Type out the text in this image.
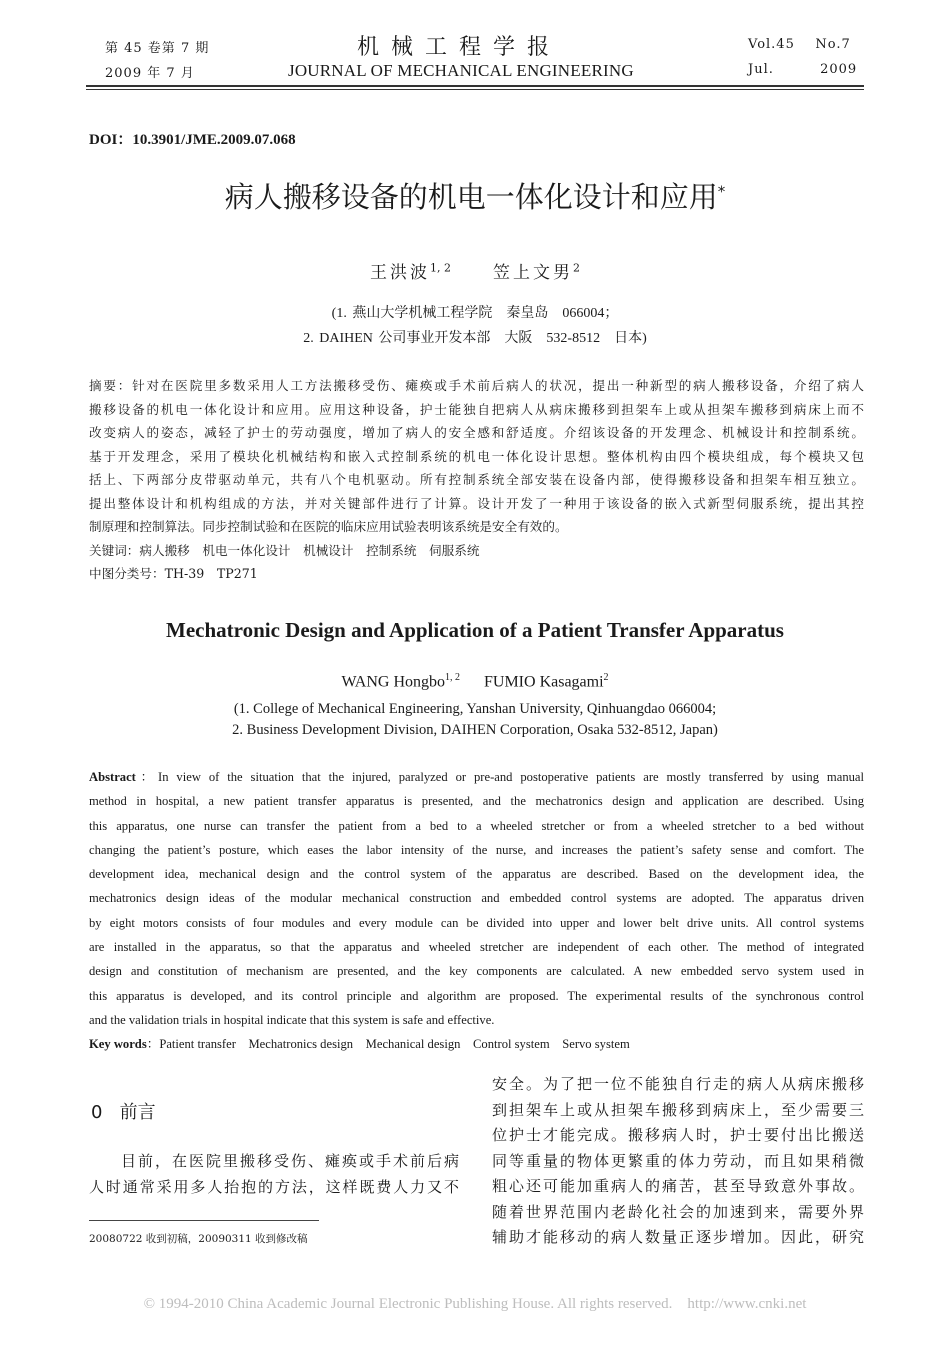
第 45 卷第 7 期
2009 年 7 月
机械工程学报
JOURNAL OF MECHANICAL ENGINEERING
Vol.45    No.7
Jul.         2009
DOI：10.3901/JME.2009.07.068
病人搬移设备的机电一体化设计和应用*
王洪波$^{1, 2}$ 笠上文男$^2$
(1. 燕山大学机械工程学院　秦皇岛　066004；
2. DAIHEN 公司事业开发本部　大阪　532-8512　日本)
摘要：针对在医院里多数采用人工方法搬移受伤、瘫痪或手术前后病人的状况，提出一种新型的病人搬移设备，介绍了病人
搬移设备的机电一体化设计和应用。应用这种设备，护士能独自把病人从病床搬移到担架车上或从担架车搬移到病床上而不
改变病人的姿态，减轻了护士的劳动强度，增加了病人的安全感和舒适度。介绍该设备的开发理念、机械设计和控制系统。
基于开发理念，采用了模块化机械结构和嵌入式控制系统的机电一体化设计思想。整体机构由四个模块组成，每个模块又包
括上、下两部分皮带驱动单元，共有八个电机驱动。所有控制系统全部安装在设备内部，使得搬移设备和担架车相互独立。
提出整体设计和机构组成的方法，并对关键部件进行了计算。设计开发了一种用于该设备的嵌入式新型伺服系统，提出其控
制原理和控制算法。同步控制试验和在医院的临床应用试验表明该系统是安全有效的。
关键词：病人搬移　机电一体化设计　机械设计　控制系统　伺服系统
中图分类号：TH-39　TP271
Mechatronic Design and Application of a Patient Transfer Apparatus
WANG Hongbo$^{1, 2}$ FUMIO Kasagami$^2$
(1. College of Mechanical Engineering, Yanshan University, Qinhuangdao 066004;
2. Business Development Division, DAIHEN Corporation, Osaka 532-8512, Japan)
Abstract：In view of the situation that the injured, paralyzed or pre-and postoperative patients are mostly transferred by using manual
method in hospital, a new patient transfer apparatus is presented, and the mechatronics design and application are described. Using
this apparatus, one nurse can transfer the patient from a bed to a wheeled stretcher or from a wheeled stretcher to a bed without
changing the patient’s posture, which eases the labor intensity of the nurse, and increases the patient’s safety sense and comfort. The
development idea, mechanical design and the control system of the apparatus are described. Based on the development idea, the
mechatronics design ideas of the modular mechanical construction and embedded control systems are adopted. The apparatus driven
by eight motors consists of four modules and every module can be divided into upper and lower belt drive units. All control systems
are installed in the apparatus, so that the apparatus and wheeled stretcher are independent of each other. The method of integrated
design and constitution of mechanism are presented, and the key components are calculated. A new embedded servo system used in
this apparatus is developed, and its control principle and algorithm are proposed. The experimental results of the synchronous control
and the validation trials in hospital indicate that this system is safe and effective.
Key words：Patient transfer    Mechatronics design    Mechanical design    Control system    Servo system
0 前言
目前，在医院里搬移受伤、瘫痪或手术前后病
人时通常采用多人抬抱的方法，这样既费人力又不
20080722 收到初稿，20090311 收到修改稿
安全。为了把一位不能独自行走的病人从病床搬移
到担架车上或从担架车搬移到病床上，至少需要三
位护士才能完成。搬移病人时，护士要付出比搬送
同等重量的物体更繁重的体力劳动，而且如果稍微
粗心还可能加重病人的痛苦，甚至导致意外事故。
随着世界范围内老龄化社会的加速到来，需要外界
辅助才能移动的病人数量正逐步增加。因此，研究
© 1994-2010 China Academic Journal Electronic Publishing House. All rights reserved.    http://www.cnki.net
